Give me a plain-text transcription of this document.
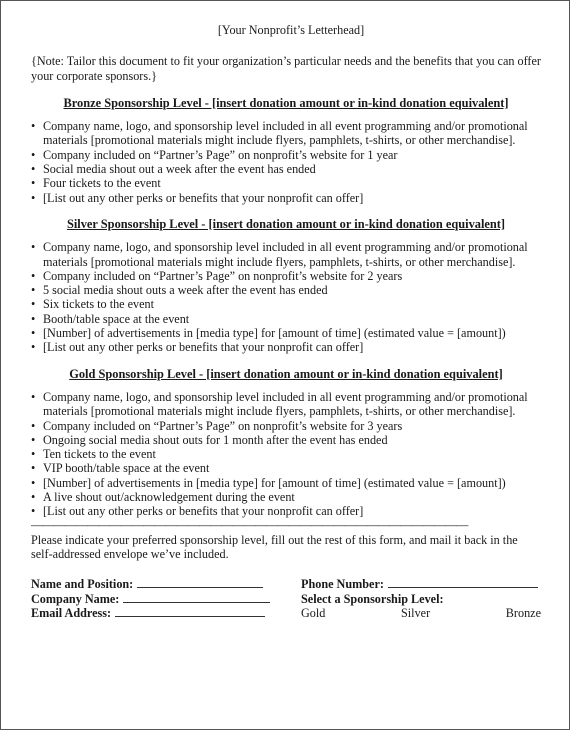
[Your Nonprofit’s Letterhead]
{Note: Tailor this document to fit your organization’s particular needs and the benefits that you can offer your corporate sponsors.}
Bronze Sponsorship Level - [insert donation amount or in-kind donation equivalent]
• Company name, logo, and sponsorship level included in all event programming and/or promotional materials [promotional materials might include flyers, pamphlets, t-shirts, or other merchandise].
• Company included on “Partner’s Page” on nonprofit’s website for 1 year
• Social media shout out a week after the event has ended
• Four tickets to the event
• [List out any other perks or benefits that your nonprofit can offer]
Silver Sponsorship Level - [insert donation amount or in-kind donation equivalent]
• Company name, logo, and sponsorship level included in all event programming and/or promotional materials [promotional materials might include flyers, pamphlets, t-shirts, or other merchandise].
• Company included on “Partner’s Page” on nonprofit’s website for 2 years
• 5 social media shout outs a week after the event has ended
• Six tickets to the event
• Booth/table space at the event
• [Number] of advertisements in [media type] for [amount of time] (estimated value = [amount])
• [List out any other perks or benefits that your nonprofit can offer]
Gold Sponsorship Level - [insert donation amount or in-kind donation equivalent]
• Company name, logo, and sponsorship level included in all event programming and/or promotional materials [promotional materials might include flyers, pamphlets, t-shirts, or other merchandise].
• Company included on “Partner’s Page” on nonprofit’s website for 3 years
• Ongoing social media shout outs for 1 month after the event has ended
• Ten tickets to the event
• VIP booth/table space at the event
• [Number] of advertisements in [media type] for [amount of time] (estimated value = [amount])
• A live shout out/acknowledgement during the event
• [List out any other perks or benefits that your nonprofit can offer]
———————————————————————————————————————
Please indicate your preferred sponsorship level, fill out the rest of this form, and mail it back in the self-addressed envelope we’ve included.
Name and Position:
Company Name:
Email Address:
Phone Number:
Select a Sponsorship Level:
Gold	Silver	Bronze
